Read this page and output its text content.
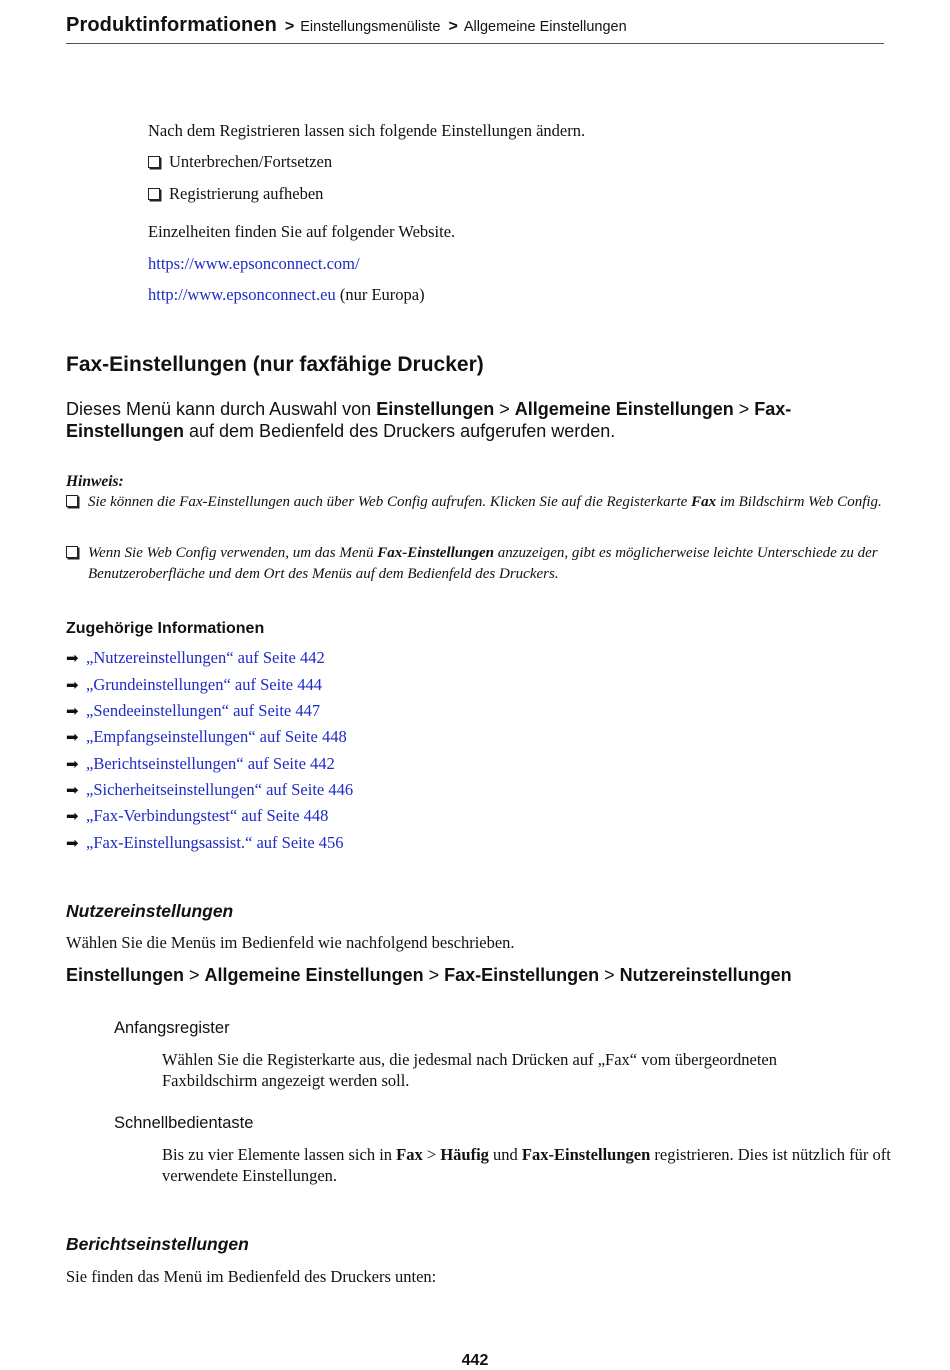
Produktinformationen > Einstellungsmenüliste > Allgemeine Einstellungen
Nach dem Registrieren lassen sich folgende Einstellungen ändern.
Unterbrechen/Fortsetzen
Registrierung aufheben
Einzelheiten finden Sie auf folgender Website.
https://www.epsonconnect.com/
http://www.epsonconnect.eu (nur Europa)
Fax-Einstellungen (nur faxfähige Drucker)
Dieses Menü kann durch Auswahl von Einstellungen > Allgemeine Einstellungen > Fax-Einstellungen auf dem Bedienfeld des Druckers aufgerufen werden.
Hinweis:
Sie können die Fax-Einstellungen auch über Web Config aufrufen. Klicken Sie auf die Registerkarte Fax im Bildschirm Web Config.
Wenn Sie Web Config verwenden, um das Menü Fax-Einstellungen anzuzeigen, gibt es möglicherweise leichte Unterschiede zu der Benutzeroberfläche und dem Ort des Menüs auf dem Bedienfeld des Druckers.
Zugehörige Informationen
➡ „Nutzereinstellungen“ auf Seite 442
➡ „Grundeinstellungen“ auf Seite 444
➡ „Sendeeinstellungen“ auf Seite 447
➡ „Empfangseinstellungen“ auf Seite 448
➡ „Berichtseinstellungen“ auf Seite 442
➡ „Sicherheitseinstellungen“ auf Seite 446
➡ „Fax-Verbindungstest“ auf Seite 448
➡ „Fax-Einstellungsassist.“ auf Seite 456
Nutzereinstellungen
Wählen Sie die Menüs im Bedienfeld wie nachfolgend beschrieben.
Einstellungen > Allgemeine Einstellungen > Fax-Einstellungen > Nutzereinstellungen
Anfangsregister
Wählen Sie die Registerkarte aus, die jedesmal nach Drücken auf „Fax“ vom übergeordneten Faxbildschirm angezeigt werden soll.
Schnellbedientaste
Bis zu vier Elemente lassen sich in Fax > Häufig und Fax-Einstellungen registrieren. Dies ist nützlich für oft verwendete Einstellungen.
Berichtseinstellungen
Sie finden das Menü im Bedienfeld des Druckers unten:
442
